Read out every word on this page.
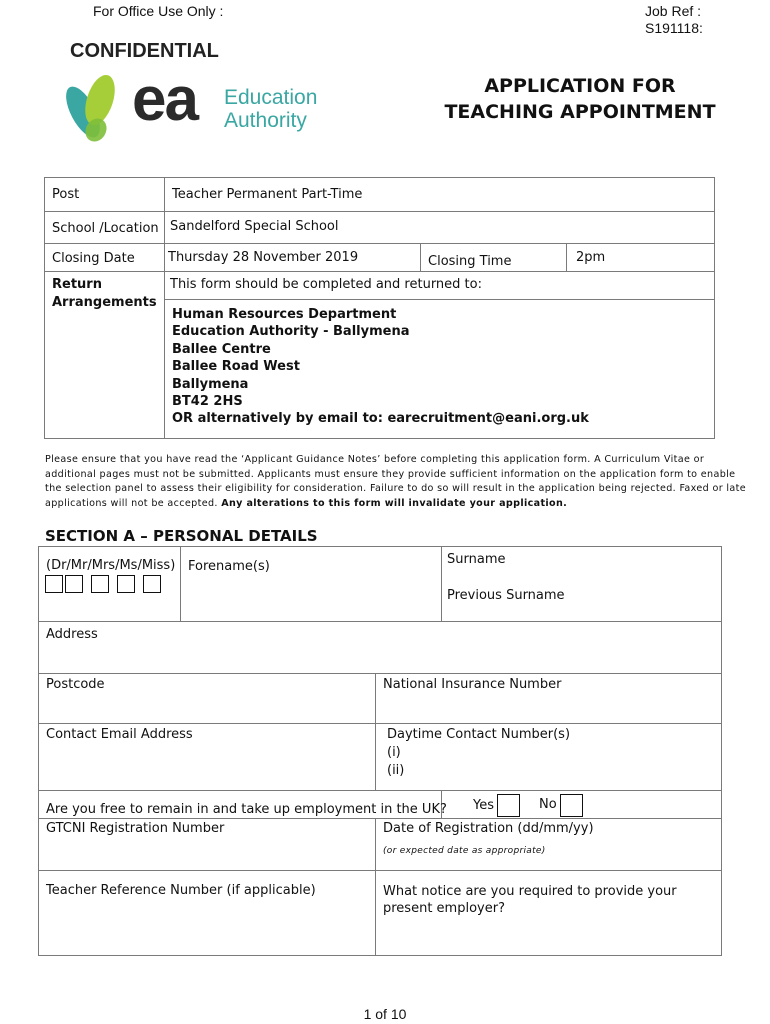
For Office Use Only :	Job Ref :
S191118:
CONFIDENTIAL
ea Education
Authority
APPLICATION FOR
TEACHING APPOINTMENT
Post	Teacher Permanent Part-Time
School /Location Sandelford Special School
Closing Date	Thursday 28 November 2019	Closing Time	2pm
Return
Arrangements
This form should be completed and returned to:
Human Resources Department
Education Authority - Ballymena
Ballee Centre
Ballee Road West
Ballymena
BT42 2HS
OR alternatively by email to: earecruitment@eani.org.uk
Please ensure that you have read the ‘Applicant Guidance Notes’ before completing this application form. A Curriculum Vitae or
additional pages must not be submitted. Applicants must ensure they provide sufficient information on the application form to enable
the selection panel to assess their eligibility for consideration. Failure to do so will result in the application being rejected. Faxed or late
applications will not be accepted. Any alterations to this form will invalidate your application.
SECTION A – PERSONAL DETAILS
(Dr/Mr/Mrs/Ms/Miss) Forename(s)	Surname
Previous Surname
Address
Postcode	National Insurance Number
Contact Email Address	Daytime Contact Number(s)
(i)
(ii)
Are you free to remain in and take up employment in the UK? Yes	No
GTCNI Registration Number	Date of Registration (dd/mm/yy)
(or expected date as appropriate)
Teacher Reference Number (if applicable)	What notice are you required to provide your
present employer?
1 of 10
